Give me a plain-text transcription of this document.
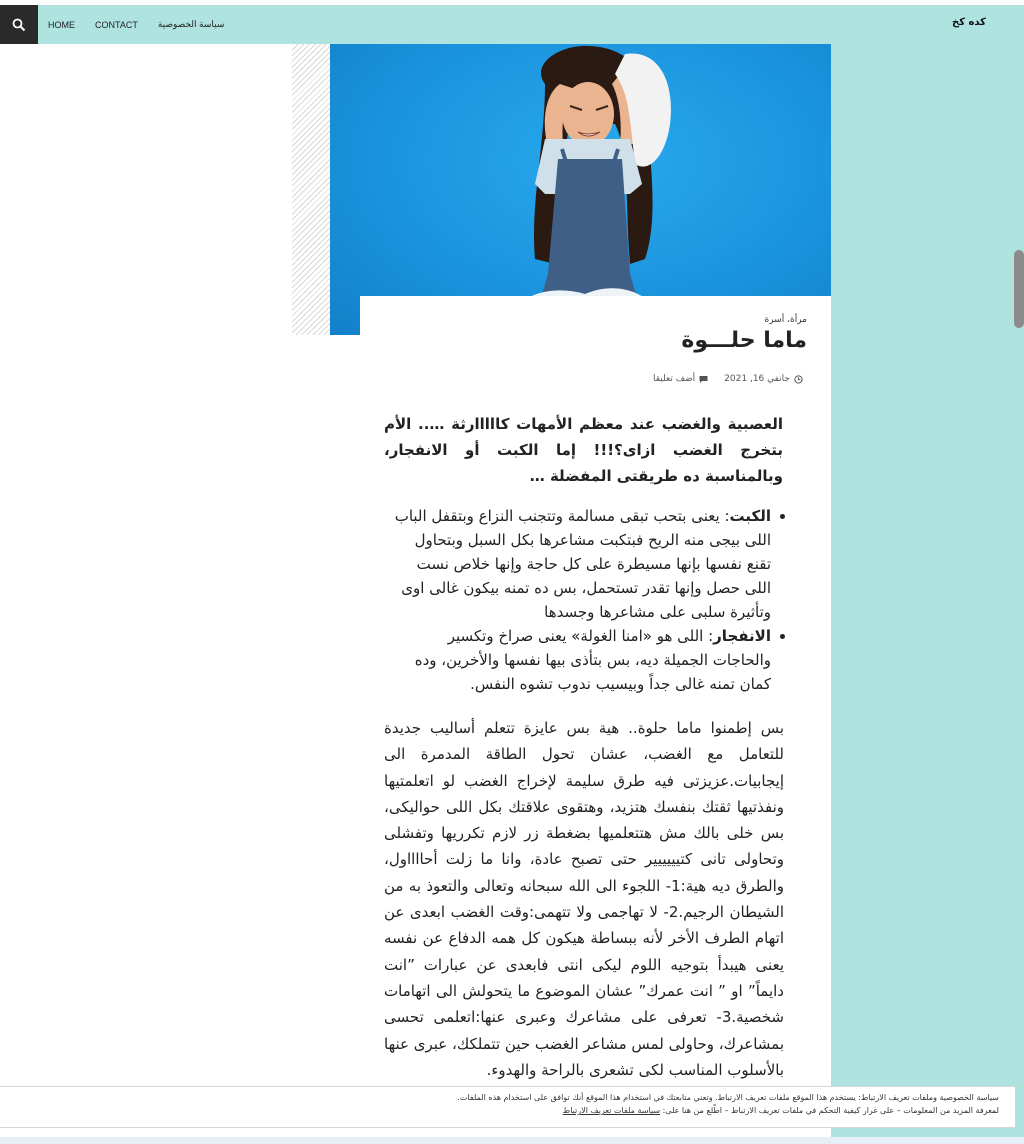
HOME	CONTACT	سياسة الخصوصية	كده كخ
مرأة، أسرة
ماما حلـــوة
جانفي 16, 2021
أضف تعليقا

العصبية والغضب عند معظم الأمهات كااااارثة ….. الأم بتخرج الغضب ازاى؟!!! إما الكبت أو الانفجار، وبالمناسبة ده طريقتى المفضلة …

الكبت: يعنى بتحب تبقى مسالمة وتتجنب النزاع وبتقفل الباب اللى بيجى منه الريح فبتكبت مشاعرها بكل السبل وبتحاول تقنع نفسها بإنها مسيطرة على كل حاجة وإنها خلاص نست اللى حصل وإنها تقدر تستحمل، بس ده تمنه بيكون غالى اوى وتأثيرة سلبى على مشاعرها وجسدها
الانفجار: اللى هو «امنا الغولة» يعنى صراخ وتكسير والحاجات الجميلة ديه، بس بتأذى بيها نفسها والأخرين، وده كمان تمنه غالى جداً وبيسيب ندوب تشوه النفس.

بس إطمنوا ماما حلوة.. هية بس عايزة تتعلم أساليب جديدة للتعامل مع الغضب، عشان تحول الطاقة المدمرة الى إيجابيات.عزيزتى فيه طرق سليمة لإخراج الغضب لو اتعلمتيها ونفذتيها ثقتك بنفسك هتزيد، وهتقوى علاقتك بكل اللى حواليكى، بس خلى بالك مش هتتعلميها بضغطة زر لازم تكرريها وتفشلى وتحاولى تانى كتيييييير حتى تصبح عادة، وانا ما زلت أحااااول، والطرق ديه هية:1- اللجوء الى الله سبحانه وتعالى والتعوذ به من الشيطان الرجيم.2- لا تهاجمى ولا تتهمى:وقت الغضب ابعدى عن اتهام الطرف الأخر لأنه ببساطة هيكون كل همه الدفاع عن نفسه يعنى هيبدأ بتوجيه اللوم ليكى انتى فابعدى عن عبارات ”انت دايماً” او ” انت عمرك” عشان الموضوع ما يتحولش الى اتهامات شخصية.3- تعرفى على مشاعرك وعبرى عنها:اتعلمى تحسى بمشاعرك، وحاولى لمس مشاعر الغضب حين تتملكك، عبرى عنها بالأسلوب المناسب لكى تشعرى بالراحة والهدوء.

سياسة الخصوصية وملفات تعريف الارتباط: يستخدم هذا الموقع ملفات تعريف الارتباط. وتعني متابعتك في استخدام هذا الموقع أنك توافق على استخدام هذه الملفات.
لمعرفة المزيد من المعلومات – على غرار كيفية التحكم في ملفات تعريف الارتباط – اطّلع من هنا على: سياسة ملفات تعريف الارتباط
